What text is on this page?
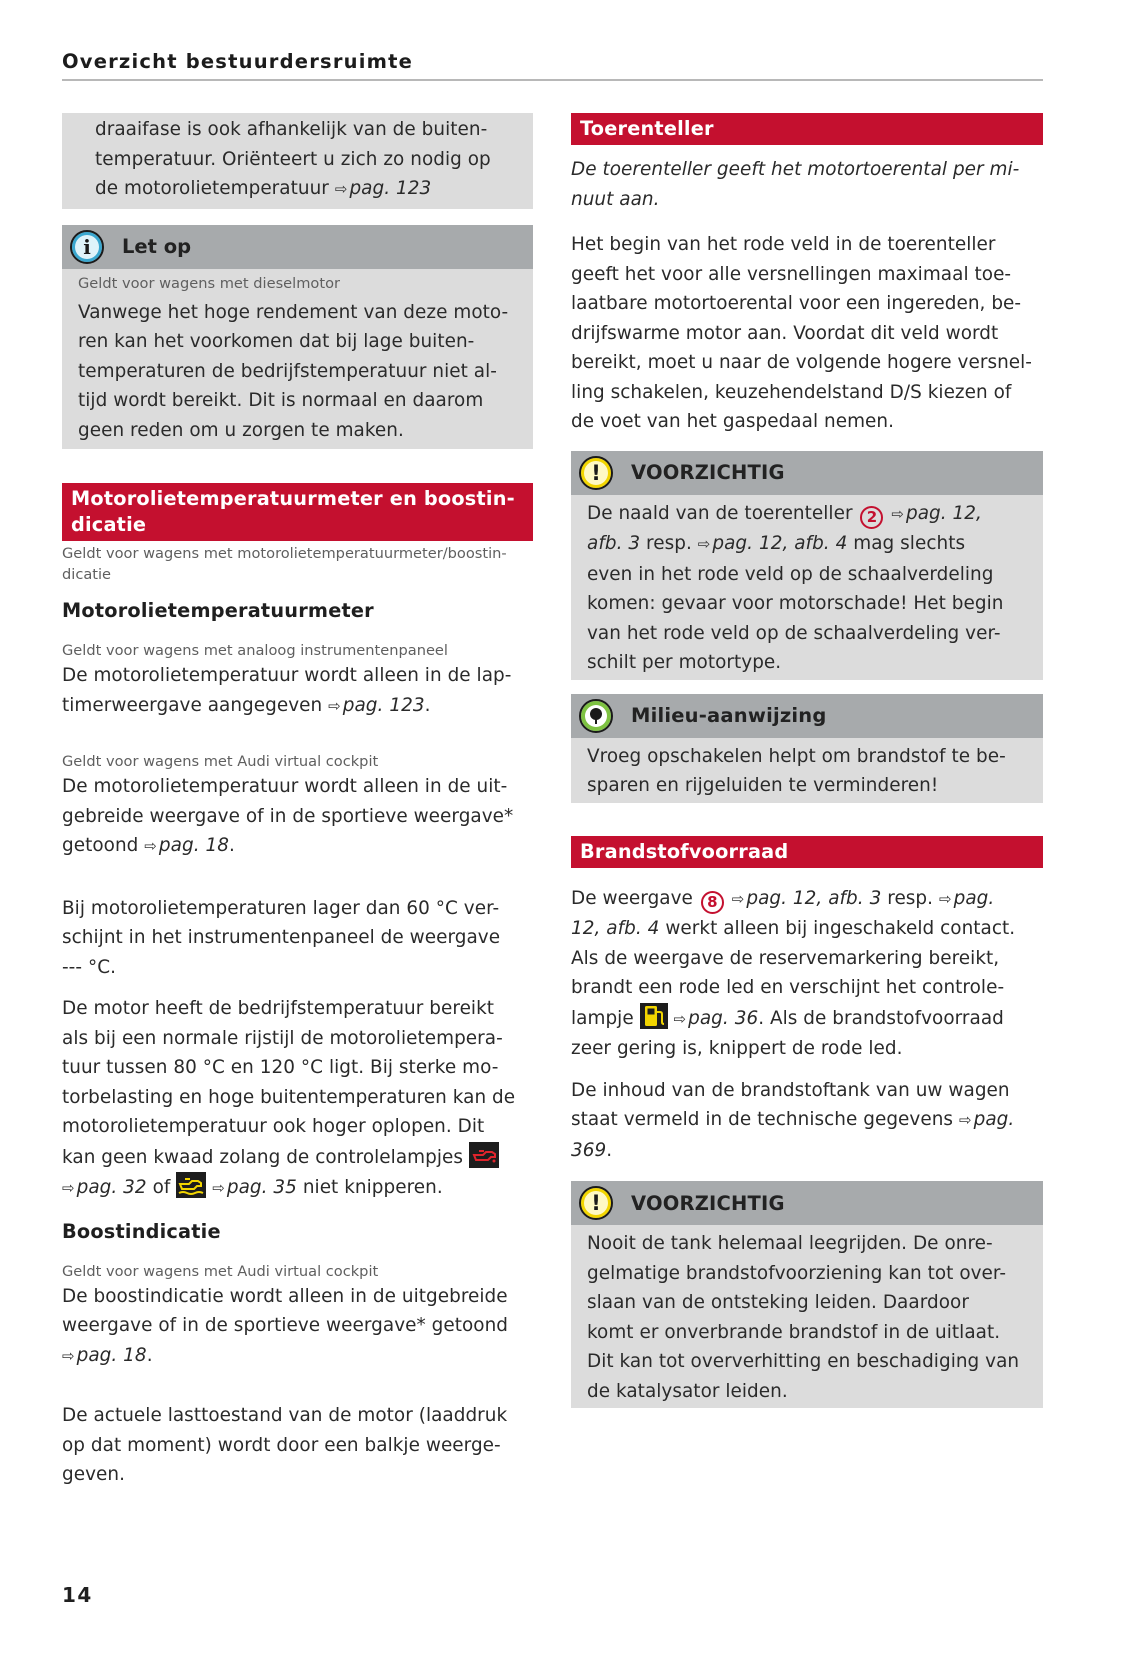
Overzicht bestuurdersruimte
draaifase is ook afhankelijk van de buiten-
temperatuur. Oriënteert u zich zo nodig op
de motorolietemperatuur ⇨ pag. 123
i Let op
Geldt voor wagens met dieselmotor
Vanwege het hoge rendement van deze moto-
ren kan het voorkomen dat bij lage buiten-
temperaturen de bedrijfstemperatuur niet al-
tijd wordt bereikt. Dit is normaal en daarom
geen reden om u zorgen te maken.
Motorolietemperatuurmeter en boostin-
dicatie
Geldt voor wagens met motorolietemperatuurmeter/boostin-
dicatie
Motorolietemperatuurmeter
Geldt voor wagens met analoog instrumentenpaneel
De motorolietemperatuur wordt alleen in de lap-
timerweergave aangegeven ⇨ pag. 123.
Geldt voor wagens met Audi virtual cockpit
De motorolietemperatuur wordt alleen in de uit-
gebreide weergave of in de sportieve weergave*
getoond ⇨ pag. 18.
Bij motorolietemperaturen lager dan 60 °C ver-
schijnt in het instrumentenpaneel de weergave
--- °C.
De motor heeft de bedrijfstemperatuur bereikt
als bij een normale rijstijl de motorolietempera-
tuur tussen 80 °C en 120 °C ligt. Bij sterke mo-
torbelasting en hoge buitentemperaturen kan de
motorolietemperatuur ook hoger oplopen. Dit
kan geen kwaad zolang de controlelampjes
⇨ pag. 32 of	⇨ pag. 35 niet knipperen.
Boostindicatie
Geldt voor wagens met Audi virtual cockpit
De boostindicatie wordt alleen in de uitgebreide
weergave of in de sportieve weergave* getoond
⇨ pag. 18.
De actuele lasttoestand van de motor (laaddruk
op dat moment) wordt door een balkje weerge-
geven.
Toerenteller
De toerenteller geeft het motortoerental per mi-
nuut aan.
Het begin van het rode veld in de toerenteller
geeft het voor alle versnellingen maximaal toe-
laatbare motortoerental voor een ingereden, be-
drijfswarme motor aan. Voordat dit veld wordt
bereikt, moet u naar de volgende hogere versnel-
ling schakelen, keuzehendelstand D/S kiezen of
de voet van het gaspedaal nemen.
! VOORZICHTIG
De naald van de toerenteller 2 ⇨ pag. 12,
afb. 3 resp. ⇨ pag. 12, afb. 4 mag slechts
even in het rode veld op de schaalverdeling
komen: gevaar voor motorschade! Het begin
van het rode veld op de schaalverdeling ver-
schilt per motortype.
Milieu-aanwijzing
Vroeg opschakelen helpt om brandstof te be-
sparen en rijgeluiden te verminderen!
Brandstofvoorraad
De weergave 8 ⇨ pag. 12, afb. 3 resp. ⇨ pag.
12, afb. 4 werkt alleen bij ingeschakeld contact.
Als de weergave de reservemarkering bereikt,
brandt een rode led en verschijnt het controle-
lampje	⇨ pag. 36. Als de brandstofvoorraad
zeer gering is, knippert de rode led.
De inhoud van de brandstoftank van uw wagen
staat vermeld in de technische gegevens ⇨ pag.
369.
! VOORZICHTIG
Nooit de tank helemaal leegrijden. De onre-
gelmatige brandstofvoorziening kan tot over-
slaan van de ontsteking leiden. Daardoor
komt er onverbrande brandstof in de uitlaat.
Dit kan tot oververhitting en beschadiging van
de katalysator leiden.
14
